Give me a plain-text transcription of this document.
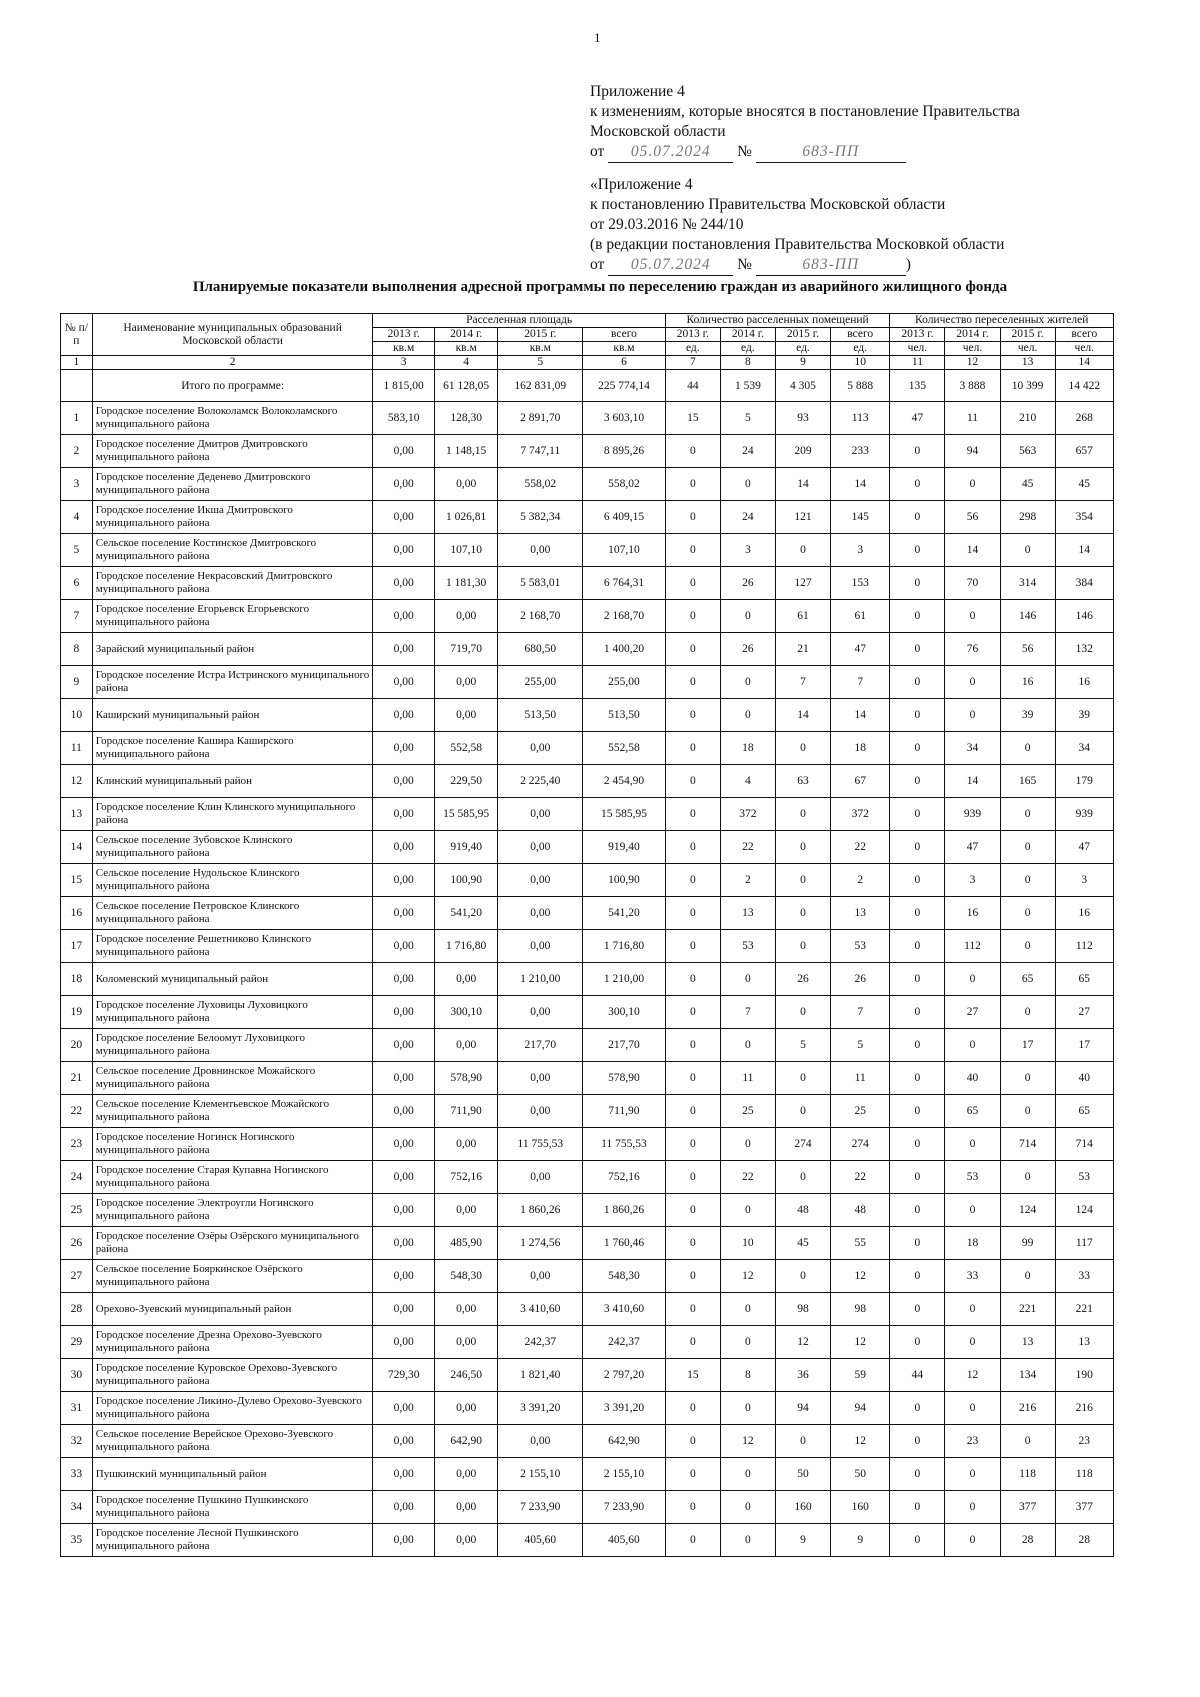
1
Приложение 4
к изменениям, которые вносятся в постановление Правительства
Московской области
от 05.07.2024 №	683-ПП
«Приложение 4
к постановлению Правительства Московской области
от 29.03.2016 № 244/10
(в редакции постановления Правительства Московкой области
от 05.07.2024 №	683-ПП	)
Планируемые показатели выполнения адресной программы по переселению граждан из аварийного жилищного фонда
№ п/п	Наименование муниципальных образований Московской области	Расселенная площадь				Количество расселенных помещений				Количество переселенных жителей			
		2013 г.	2014 г.	2015 г.	всего	2013 г.	2014 г.	2015 г.	всего	2013 г.	2014 г.	2015 г.	всего
		кв.м	кв.м	кв.м	кв.м	ед.	ед.	ед.	ед.	чел.	чел.	чел.	чел.
1	2	3	4	5	6	7	8	9	10	11	12	13	14
	Итого по программе:	1 815,00	61 128,05	162 831,09	225 774,14	44	1 539	4 305	5 888	135	3 888	10 399	14 422
1	Городское поселение Волоколамск Волоколамского муниципального района	583,10	128,30	2 891,70	3 603,10	15	5	93	113	47	11	210	268
2	Городское поселение Дмитров Дмитровского муниципального района	0,00	1 148,15	7 747,11	8 895,26	0	24	209	233	0	94	563	657
3	Городское поселение Деденево Дмитровского муниципального района	0,00	0,00	558,02	558,02	0	0	14	14	0	0	45	45
4	Городское поселение Икша Дмитровского муниципального района	0,00	1 026,81	5 382,34	6 409,15	0	24	121	145	0	56	298	354
5	Сельское поселение Костинское Дмитровского муниципального района	0,00	107,10	0,00	107,10	0	3	0	3	0	14	0	14
6	Городское поселение Некрасовский Дмитровского муниципального района	0,00	1 181,30	5 583,01	6 764,31	0	26	127	153	0	70	314	384
7	Городское поселение Егорьевск Егорьевского муниципального района	0,00	0,00	2 168,70	2 168,70	0	0	61	61	0	0	146	146
8	Зарайский муниципальный район	0,00	719,70	680,50	1 400,20	0	26	21	47	0	76	56	132
9	Городское поселение Истра Истринского муниципального района	0,00	0,00	255,00	255,00	0	0	7	7	0	0	16	16
10	Каширский муниципальный район	0,00	0,00	513,50	513,50	0	0	14	14	0	0	39	39
11	Городское поселение Кашира Каширского муниципального района	0,00	552,58	0,00	552,58	0	18	0	18	0	34	0	34
12	Клинский муниципальный район	0,00	229,50	2 225,40	2 454,90	0	4	63	67	0	14	165	179
13	Городское поселение Клин Клинского муниципального района	0,00	15 585,95	0,00	15 585,95	0	372	0	372	0	939	0	939
14	Сельское поселение Зубовское Клинского муниципального района	0,00	919,40	0,00	919,40	0	22	0	22	0	47	0	47
15	Сельское поселение Нудольское Клинского муниципального района	0,00	100,90	0,00	100,90	0	2	0	2	0	3	0	3
16	Сельское поселение Петровское Клинского муниципального района	0,00	541,20	0,00	541,20	0	13	0	13	0	16	0	16
17	Городское поселение Решетниково Клинского муниципального района	0,00	1 716,80	0,00	1 716,80	0	53	0	53	0	112	0	112
18	Коломенский муниципальный район	0,00	0,00	1 210,00	1 210,00	0	0	26	26	0	0	65	65
19	Городское поселение Луховицы Луховицкого муниципального района	0,00	300,10	0,00	300,10	0	7	0	7	0	27	0	27
20	Городское поселение Белоомут Луховицкого муниципального района	0,00	0,00	217,70	217,70	0	0	5	5	0	0	17	17
21	Сельское поселение Дровнинское Можайского муниципального района	0,00	578,90	0,00	578,90	0	11	0	11	0	40	0	40
22	Сельское поселение Клементьевское Можайского муниципального района	0,00	711,90	0,00	711,90	0	25	0	25	0	65	0	65
23	Городское поселение Ногинск Ногинского муниципального района	0,00	0,00	11 755,53	11 755,53	0	0	274	274	0	0	714	714
24	Городское поселение Старая Купавна Ногинского муниципального района	0,00	752,16	0,00	752,16	0	22	0	22	0	53	0	53
25	Городское поселение Электроугли Ногинского муниципального района	0,00	0,00	1 860,26	1 860,26	0	0	48	48	0	0	124	124
26	Городское поселение Озёры Озёрского муниципального района	0,00	485,90	1 274,56	1 760,46	0	10	45	55	0	18	99	117
27	Сельское поселение Бояркинское Озёрского муниципального района	0,00	548,30	0,00	548,30	0	12	0	12	0	33	0	33
28	Орехово-Зуевский муниципальный район	0,00	0,00	3 410,60	3 410,60	0	0	98	98	0	0	221	221
29	Городское поселение Дрезна Орехово-Зуевского муниципального района	0,00	0,00	242,37	242,37	0	0	12	12	0	0	13	13
30	Городское поселение Куровское Орехово-Зуевского муниципального района	729,30	246,50	1 821,40	2 797,20	15	8	36	59	44	12	134	190
31	Городское поселение Ликино-Дулево Орехово-Зуевского муниципального района	0,00	0,00	3 391,20	3 391,20	0	0	94	94	0	0	216	216
32	Сельское поселение Верейское Орехово-Зуевского муниципального района	0,00	642,90	0,00	642,90	0	12	0	12	0	23	0	23
33	Пушкинский муниципальный район	0,00	0,00	2 155,10	2 155,10	0	0	50	50	0	0	118	118
34	Городское поселение Пушкино Пушкинского муниципального района	0,00	0,00	7 233,90	7 233,90	0	0	160	160	0	0	377	377
35	Городское поселение Лесной Пушкинского муниципального района	0,00	0,00	405,60	405,60	0	0	9	9	0	0	28	28
